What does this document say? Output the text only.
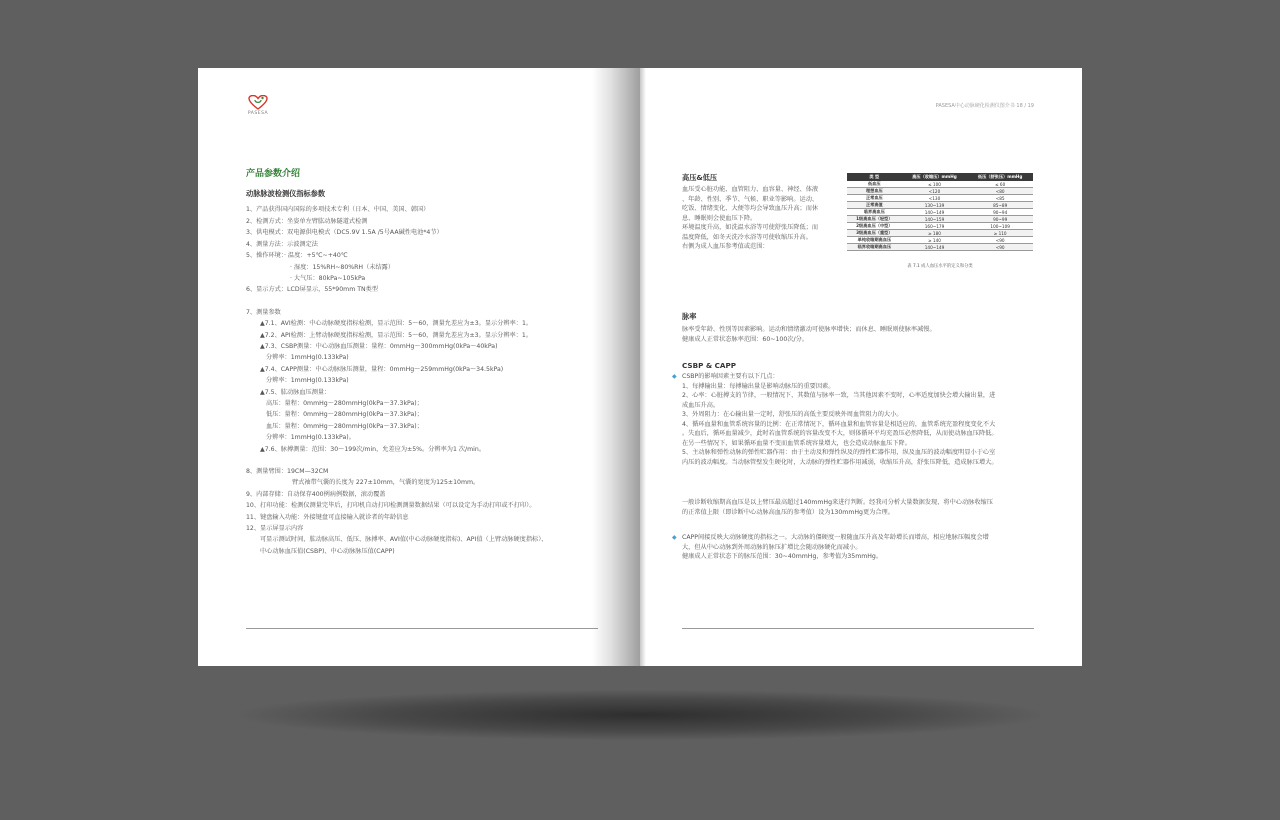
PASESA
产品参数介绍
动脉脉波检测仪指标参数
1、产品获得国内国际的多项技术专利（日本、中国、美国、韩国）
2、检测方式：坐姿单左臂肱动脉隧道式检测
3、供电模式：双电源供电模式（DC5.9V 1.5A /5号AA碱性电池*4节）
4、测量方法：示波测定法
5、操作环境：· 温度：+5℃~+40℃
· 湿度：15%RH~80%RH（未结露）
· 大气压：80kPa~105kPa
6、显示方式：LCD屏显示，55*90mm TN类型
7、测量参数
▲7.1、AVI检测：中心动脉硬度指标检测，显示范围：5～60，测量允差应为±3。显示分辨率：1。
▲7.2、API检测：上臂动脉硬度指标检测，显示范围：5～60，测量允差应为±3。显示分辨率：1。
▲7.3、CSBP测量：中心动脉血压测量：量程：0mmHg～300mmHg(0kPa～40kPa)
分辨率：1mmHg(0.133kPa)
▲7.4、CAPP测量：中心动脉脉压测量，量程：0mmHg～259mmHg(0kPa～34.5kPa)
分辨率：1mmHg(0.133kPa)
▲7.5、肱动脉血压测量：
高压：量程：0mmHg～280mmHg(0kPa～37.3kPa)；
低压：量程：0mmHg～280mmHg(0kPa～37.3kPa)；
血压：量程：0mmHg～280mmHg(0kPa～37.3kPa)；
分辨率：1mmHg(0.133kPa)。
▲7.6、脉搏测量：范围：30～199次/min，允差应为±5%。分辨率为1 次/min。
8、测量臂围：19CM—32CM
臂式袖带气囊的长度为 227±10mm，气囊的宽度为125±10mm。
9、内部存储：自动保存400例病例数据，滚动覆盖
10、打印功能：检测仪测量完毕后，打印机自动打印检测测量数据结果（可以设定为手动打印或不打印）。
11、键盘输入功能：外接键盘可直接输入就诊者的年龄信息
12、显示屏显示内容
可显示测试时间，肱动脉高压、低压、脉搏率、AVI值(中心动脉硬度指标)、API值（上臂动脉硬度指标）、
中心动脉血压值(CSBP)、中心动脉脉压值(CAPP)
PASESA中心动脉硬化检测仪图介书 18 / 19
高压&低压
血压受心脏功能、血管阻力、血容量、神经、体液
、年龄、性别、季节、气候、职业等影响。运动、
吃饭、情绪变化、大便等均会导致血压升高；而休
息、睡眠则会使血压下降。
环境温度升高，如洗温水浴等可使舒张压降低；而
温度降低，如冬天洗冷水浴等可使收缩压升高。
右侧为成人血压参考值或范围：
类 型	高压（收缩压）mmHg	低压（舒张压）mmHg
低血压	≤ 100	≤ 60
理想血压	<120	<80
正常血压	<130	<85
正常高值	130~139	85~89
临界高血压	140~149	90~94
1级高血压（轻型）	140~159	90~99
2级高血压（中型）	160~179	100~109
3级高血压（重型）	≥ 180	≥ 110
单纯收缩期高血压	≥ 140	<90
临界收缩期高血压	140~149	<90
表 7.1 成人血压水平的定义和分类
脉率
脉率受年龄、性别等因素影响。运动和情绪激动可使脉率增快；而休息、睡眠则使脉率减慢。
健康成人正常状态脉率范围：60~100次/分。
CSBP & CAPP
◆ CSBP的影响因素主要有以下几点：
1、每搏输出量：每搏输出量是影响动脉压的重要因素。
2、心率：心脏搏支的节律，一般情况下，其数值与脉率一致，当其他因素不变时，心率适度加快会增大输出量，进
成血压升高。
3、外周阻力：在心输出量一定时，舒张压的高低主要反映外周血管阻力的大小。
4、循环血量和血管系统容量的比例：在正常情况下，循环血量和血管容量是相适应的，血管系统充盈程度变化不大
。失血后，循环血量减少，此时若血管系统的容量改变不大，则体循环平均充盈压必然降低，从而使动脉血压降低。
在另一些情况下，如果循环血量不变而血管系统容量增大，也会造成动脉血压下降。
5、主动脉和弹性动脉的弹性贮器作用：由于主动及和弹性纵及的弹性贮器作用，纵及血压的波动幅度明显小于心室
内压的波动幅度。当动脉管壁发生硬化时，大动脉的弹性贮器作用减弱，收缩压升高，舒张压降低，造成脉压增大。
一般诊断收缩期高血压是以上臂压最高超过140mmHg来进行判断。经我司分析大量数据发现，将中心动脉收缩压
的正常值上限（即诊断中心动脉高血压的参考值）设为130mmHg更为合理。
◆ CAPP间接反映大动脉硬度的指标之一。大动脉的僵硬度一般随血压升高及年龄增长而增高，相应地脉压幅度会增
大，但从中心动脉到外周动脉的脉压扩增比会随动脉硬化而减小。
健康成人正常状态下的脉压范围：30~40mmHg，参考值为35mmHg。
